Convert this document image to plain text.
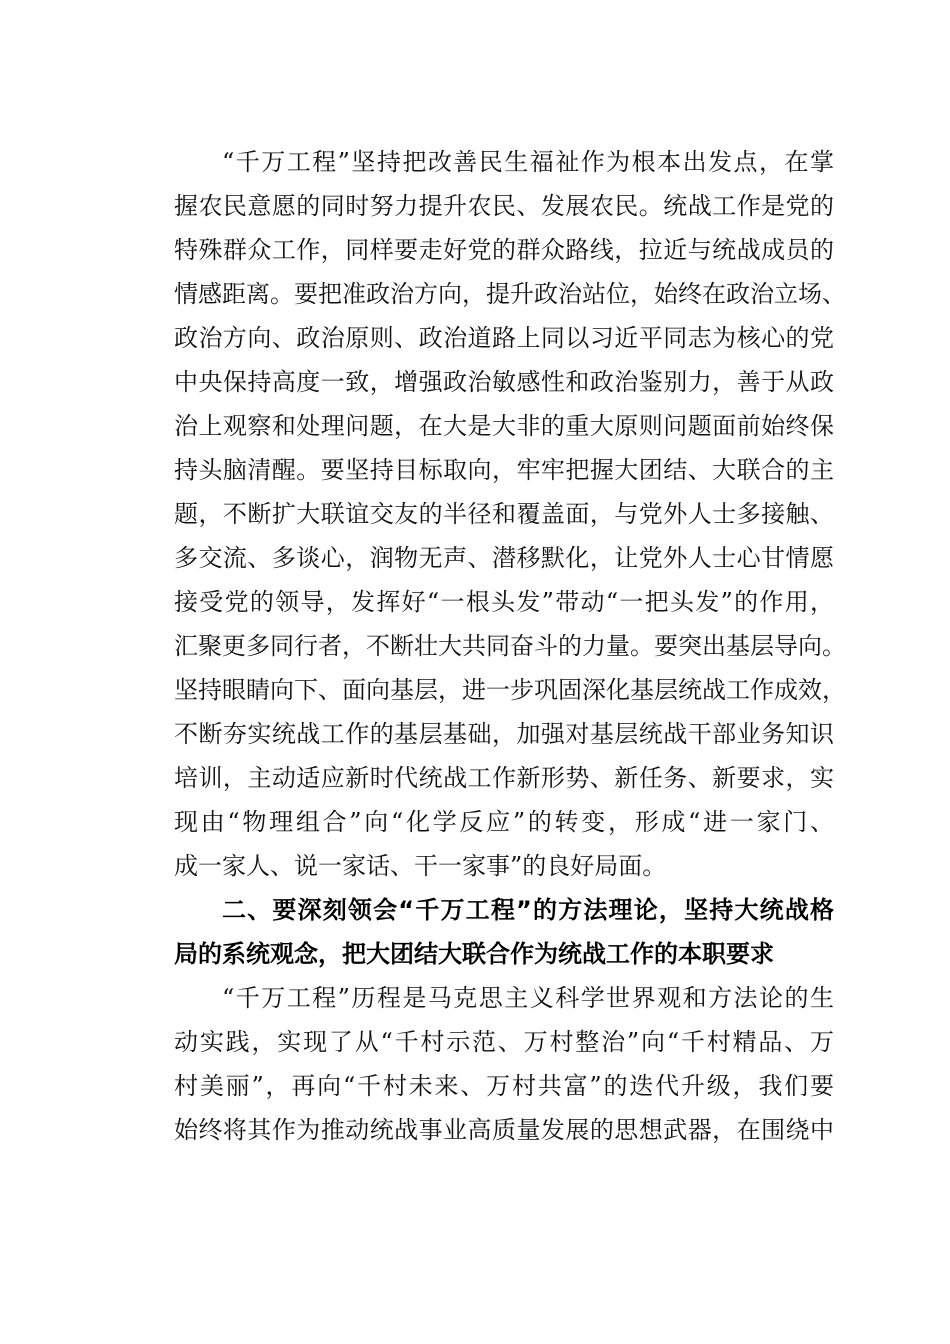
“千万工程”坚持把改善民生福祉作为根本出发点，在掌
握农民意愿的同时努力提升农民、发展农民。统战工作是党的
特殊群众工作，同样要走好党的群众路线，拉近与统战成员的
情感距离。要把准政治方向，提升政治站位，始终在政治立场、
政治方向、政治原则、政治道路上同以习近平同志为核心的党
中央保持高度一致，增强政治敏感性和政治鉴别力，善于从政
治上观察和处理问题，在大是大非的重大原则问题面前始终保
持头脑清醒。要坚持目标取向，牢牢把握大团结、大联合的主
题，不断扩大联谊交友的半径和覆盖面，与党外人士多接触、
多交流、多谈心，润物无声、潜移默化，让党外人士心甘情愿
接受党的领导，发挥好“一根头发”带动“一把头发”的作用，
汇聚更多同行者，不断壮大共同奋斗的力量。要突出基层导向。
坚持眼睛向下、面向基层，进一步巩固深化基层统战工作成效，
不断夯实统战工作的基层基础，加强对基层统战干部业务知识
培训，主动适应新时代统战工作新形势、新任务、新要求，实
现由“物理组合”向“化学反应”的转变，形成“进一家门、
成一家人、说一家话、干一家事”的良好局面。
二、要深刻领会“千万工程”的方法理论，坚持大统战格
局的系统观念，把大团结大联合作为统战工作的本职要求
“千万工程”历程是马克思主义科学世界观和方法论的生
动实践，实现了从“千村示范、万村整治”向“千村精品、万
村美丽”，再向“千村未来、万村共富”的迭代升级，我们要
始终将其作为推动统战事业高质量发展的思想武器，在围绕中
